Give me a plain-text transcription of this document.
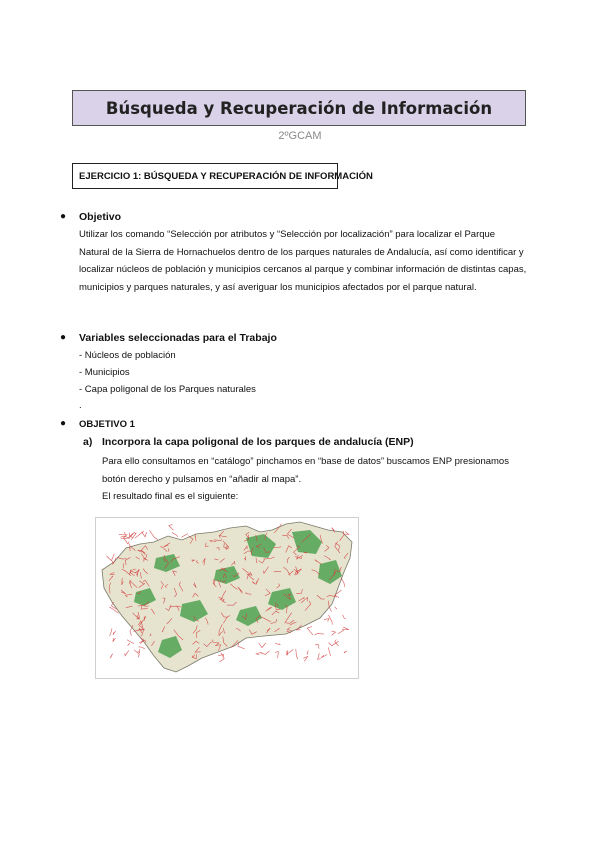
Búsqueda y Recuperación de Información
2ºGCAM
EJERCICIO 1: BÚSQUEDA Y RECUPERACIÓN DE INFORMACIÓN
● Objetivo
Utilizar los comando “Selección por atributos y “Selección por localización” para localizar el Parque Natural de la Sierra de Hornachuelos dentro de los parques naturales de Andalucía, así como identificar y localizar núcleos de población y municipios cercanos al parque y combinar información de distintas capas, municipios y parques naturales, y así averiguar los municipios afectados por el parque natural.
● Variables seleccionadas para el Trabajo
- Núcleos de población
- Municipios
- Capa poligonal de los Parques naturales
.
● OBJETIVO 1
a) Incorpora la capa poligonal de los parques de andalucía (ENP)
Para ello consultamos en “catálogo” pinchamos en “base de datos” buscamos ENP presionamos botón derecho y pulsamos en “añadir al mapa”.
El resultado final es el siguiente:
